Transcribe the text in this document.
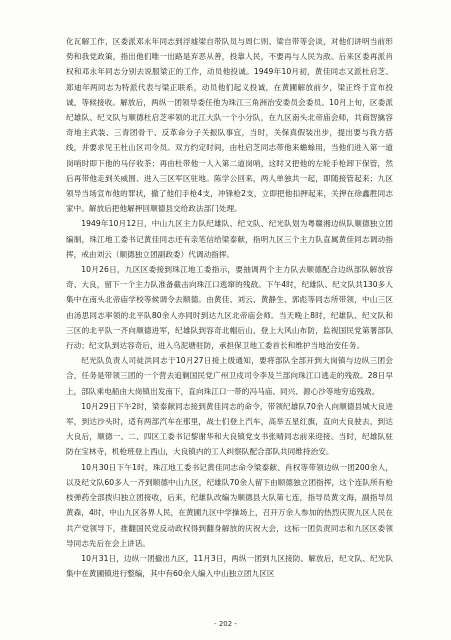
化瓦解工作，区委派邓永年同志到浮墟梁自带队员与周仁则、梁自带等会谈，对他们讲明当前形势和我党政策，指出他们唯一出路是弃恶从善，投靠人民，不要再与人民为敌。后来区委再派肖权和邓永年同志分别去说服梁正的工作，动员他投诚。1949年10月初，黄佳同志又派杜启芝、郑迪年两同志为特派代表与梁正联系，动员他们起义投诚，在黄圃解放前夕，梁正终于宣布投诚，等候接收。解放后，两纵一团领导委任他为珠江三角洲治安委员会委员。10月上旬，区委派纪雄队、纪文队与顺德杜启芝率领的北江大队一个小分队，在九区南头北帝庙会师，共商智擒容奇地主武装、三青团骨干、反革命分子关振队事宜，当时，关保真假装出步，提出要与我方搭线，并要求见王杜山区司令员。双方约定时间，由杜启芝同志带他来蟾蜍用，当他们进入第一道岗哨时即下他的马仔收茶；再由杜带他一人入第二道岗哨，这时又把他的左轮手枪卸下保管，然后再带他走到关威围、进入三区军区驻地。陈学公回来，两人单独共一起，即随接管起来；九区领导当场宣布他的罪状，撤了他们手枪4支，冲锋枪2支，立即把他扣押起来，关押在徐鑫胜同志家中。解放后把他解押回顺德县交给政法部门处理。

1949年10月12日，中山九区主力队纪雄队、纪文队、纪光队划为粤赣湘边纵队顺德独立团编制，珠江地工委书记黄佳同志还有亲笔信给梁泰献，指明九区三个主力队直属黄佳同志调动指挥，戒由刘云（顺德独立团副政委）代调动指挥。

10月26日，九区区委接到珠江地工委指示，要抽调两个主力队去顺德配合边纵部队解放容奇、大良，留下一个主力队准备截击向珠江口逃窜的残敌。下午4时，纪雄队、纪文队共130多人集中在南头北帝庙学校等候调令去顺德。由黄佳、刘云、黄静生、郭彪等同志所带领，中山三区由汤思同志率领的北平队80余人亦同时到达九区北帝庙会师。当天晚上8时，纪雄队、纪文队和三区的北平队一齐向顺德进军，纪雄队到容奇北帽后山，登上大风山布防，监视国民党第署部队行动；纪文队到达容奇后，进入乌泥塘驻防，承担保卫地工委首长和维护当地治安任务。

纪光队负责人司徒洪同志于10月27日接上级通知，要将部队全部开到大岗镇与边纵三团会合，任务是带领三团的一个营去追剿国民党广州卫戍司令李及兰部向珠江口逃走的残敌。28日早上，部队乘电船由大岗镇出发南下，直向珠江口一带的冯马庙、同兴、源心沙等地穷追残敌。

10月29日下午2时，梁泰献同志接到黄佳同志的命令，带领纪雄队70余人向顺德县城大良进军，到达沙头时，适有两部汽车在那里，战士们登上汽车，高举五星红旗，直向大良驶去，到达大良后，顺德一、二、四区工委书记黎谢华和大良镇党支书张晴同志前来迎接。当时，纪雄队驻防在宝林寺，机枪班登上西山，大良镇内的工人纠察队配合部队共同维持治安。

10月30日下午1时，珠江地工委书记黄佳同志命令梁泰献、肖权等带领边纵一团200余人，以及纪文队60多人一齐到顺德中山九区，纪雄队70余人留下由顺德独立团指挥，这个连队所有枪枝弹药全部拨归独立团接收，后来，纪雄队改编为顺德县大队第七连，指导员黄文海，副指导员黄森，4时，中山九区各界人民，在黄圃九区中学操场上，召开万余人参加的热烈庆贺九区人民在共产党领导下，推翻国民党反动政权得到翻身解放的庆祝大会，这标一团负责同志和九区区委领导同志先后在会上讲话。

10月31日，边纵一团撤出九区，11月3日，两纵一团到九区接防。解放后，纪文队、纪光队集中在黄圃镇进行整编，其中有60余人编入中山独立团九区区

- 202 -
